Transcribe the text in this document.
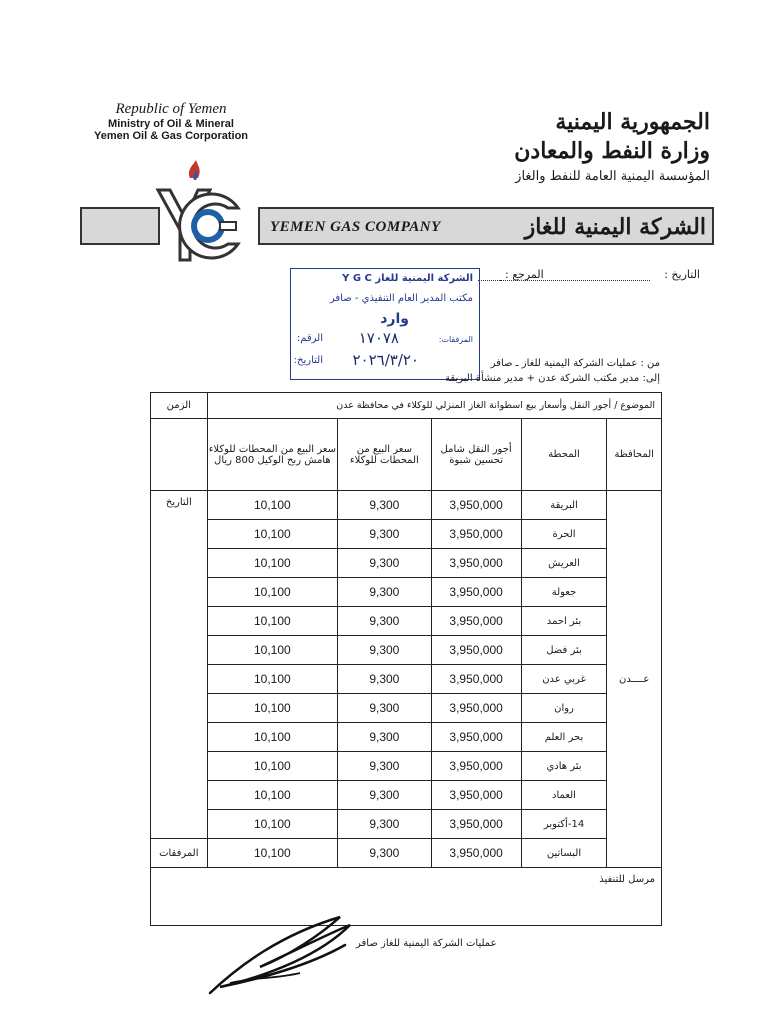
Republic of Yemen
Ministry of Oil & Mineral
Yemen Oil & Gas Corporation
الجمهورية اليمنية
وزارة النفط والمعادن
المؤسسة اليمنية العامة للنفط والغاز
YEMEN GAS COMPANY	الشركة اليمنية للغاز
التاريخ :
المرجع :
الشركة اليمنية للغاز Y G C
مكتب المدير العام التنفيذي - صافر
وارد
الرقم: ١٧٠٧٨	المرفقات:
التاريخ: ٢٠٢٦/٣/٢٠	من : عمليات الشركة اليمنية للغاز ـ صافر
إلى: مدير مكتب الشركة عدن + مدير منشأة البريقة
الموضوع / أجور النقل وأسعار بيع اسطوانة الغاز المنزلي للوكلاء في محافظة عدن					الزمن
المحافظة	المحطة	أجور النقل شامل تحسين شبوة	سعر البيع من المحطات للوكلاء	سعر البيع من المحطات للوكلاء هامش ربح الوكيل 800 ريال	
عــــدن	البريقة	3,950,000	9,300	10,100	التاريخ
	الحرة	3,950,000	9,300	10,100	
	العريش	3,950,000	9,300	10,100	
	جعولة	3,950,000	9,300	10,100	
	بئر احمد	3,950,000	9,300	10,100	
	بئر فضل	3,950,000	9,300	10,100	
	غربي عدن	3,950,000	9,300	10,100	
	روان	3,950,000	9,300	10,100	
	بحر العلم	3,950,000	9,300	10,100	
	بئر هادي	3,950,000	9,300	10,100	
	العماد	3,950,000	9,300	10,100	
	14-أكتوبر	3,950,000	9,300	10,100	
	البساتين	3,950,000	9,300	10,100	المرفقات
مرسل للتنفيذ					
عمليات الشركة اليمنية للغاز صافر
